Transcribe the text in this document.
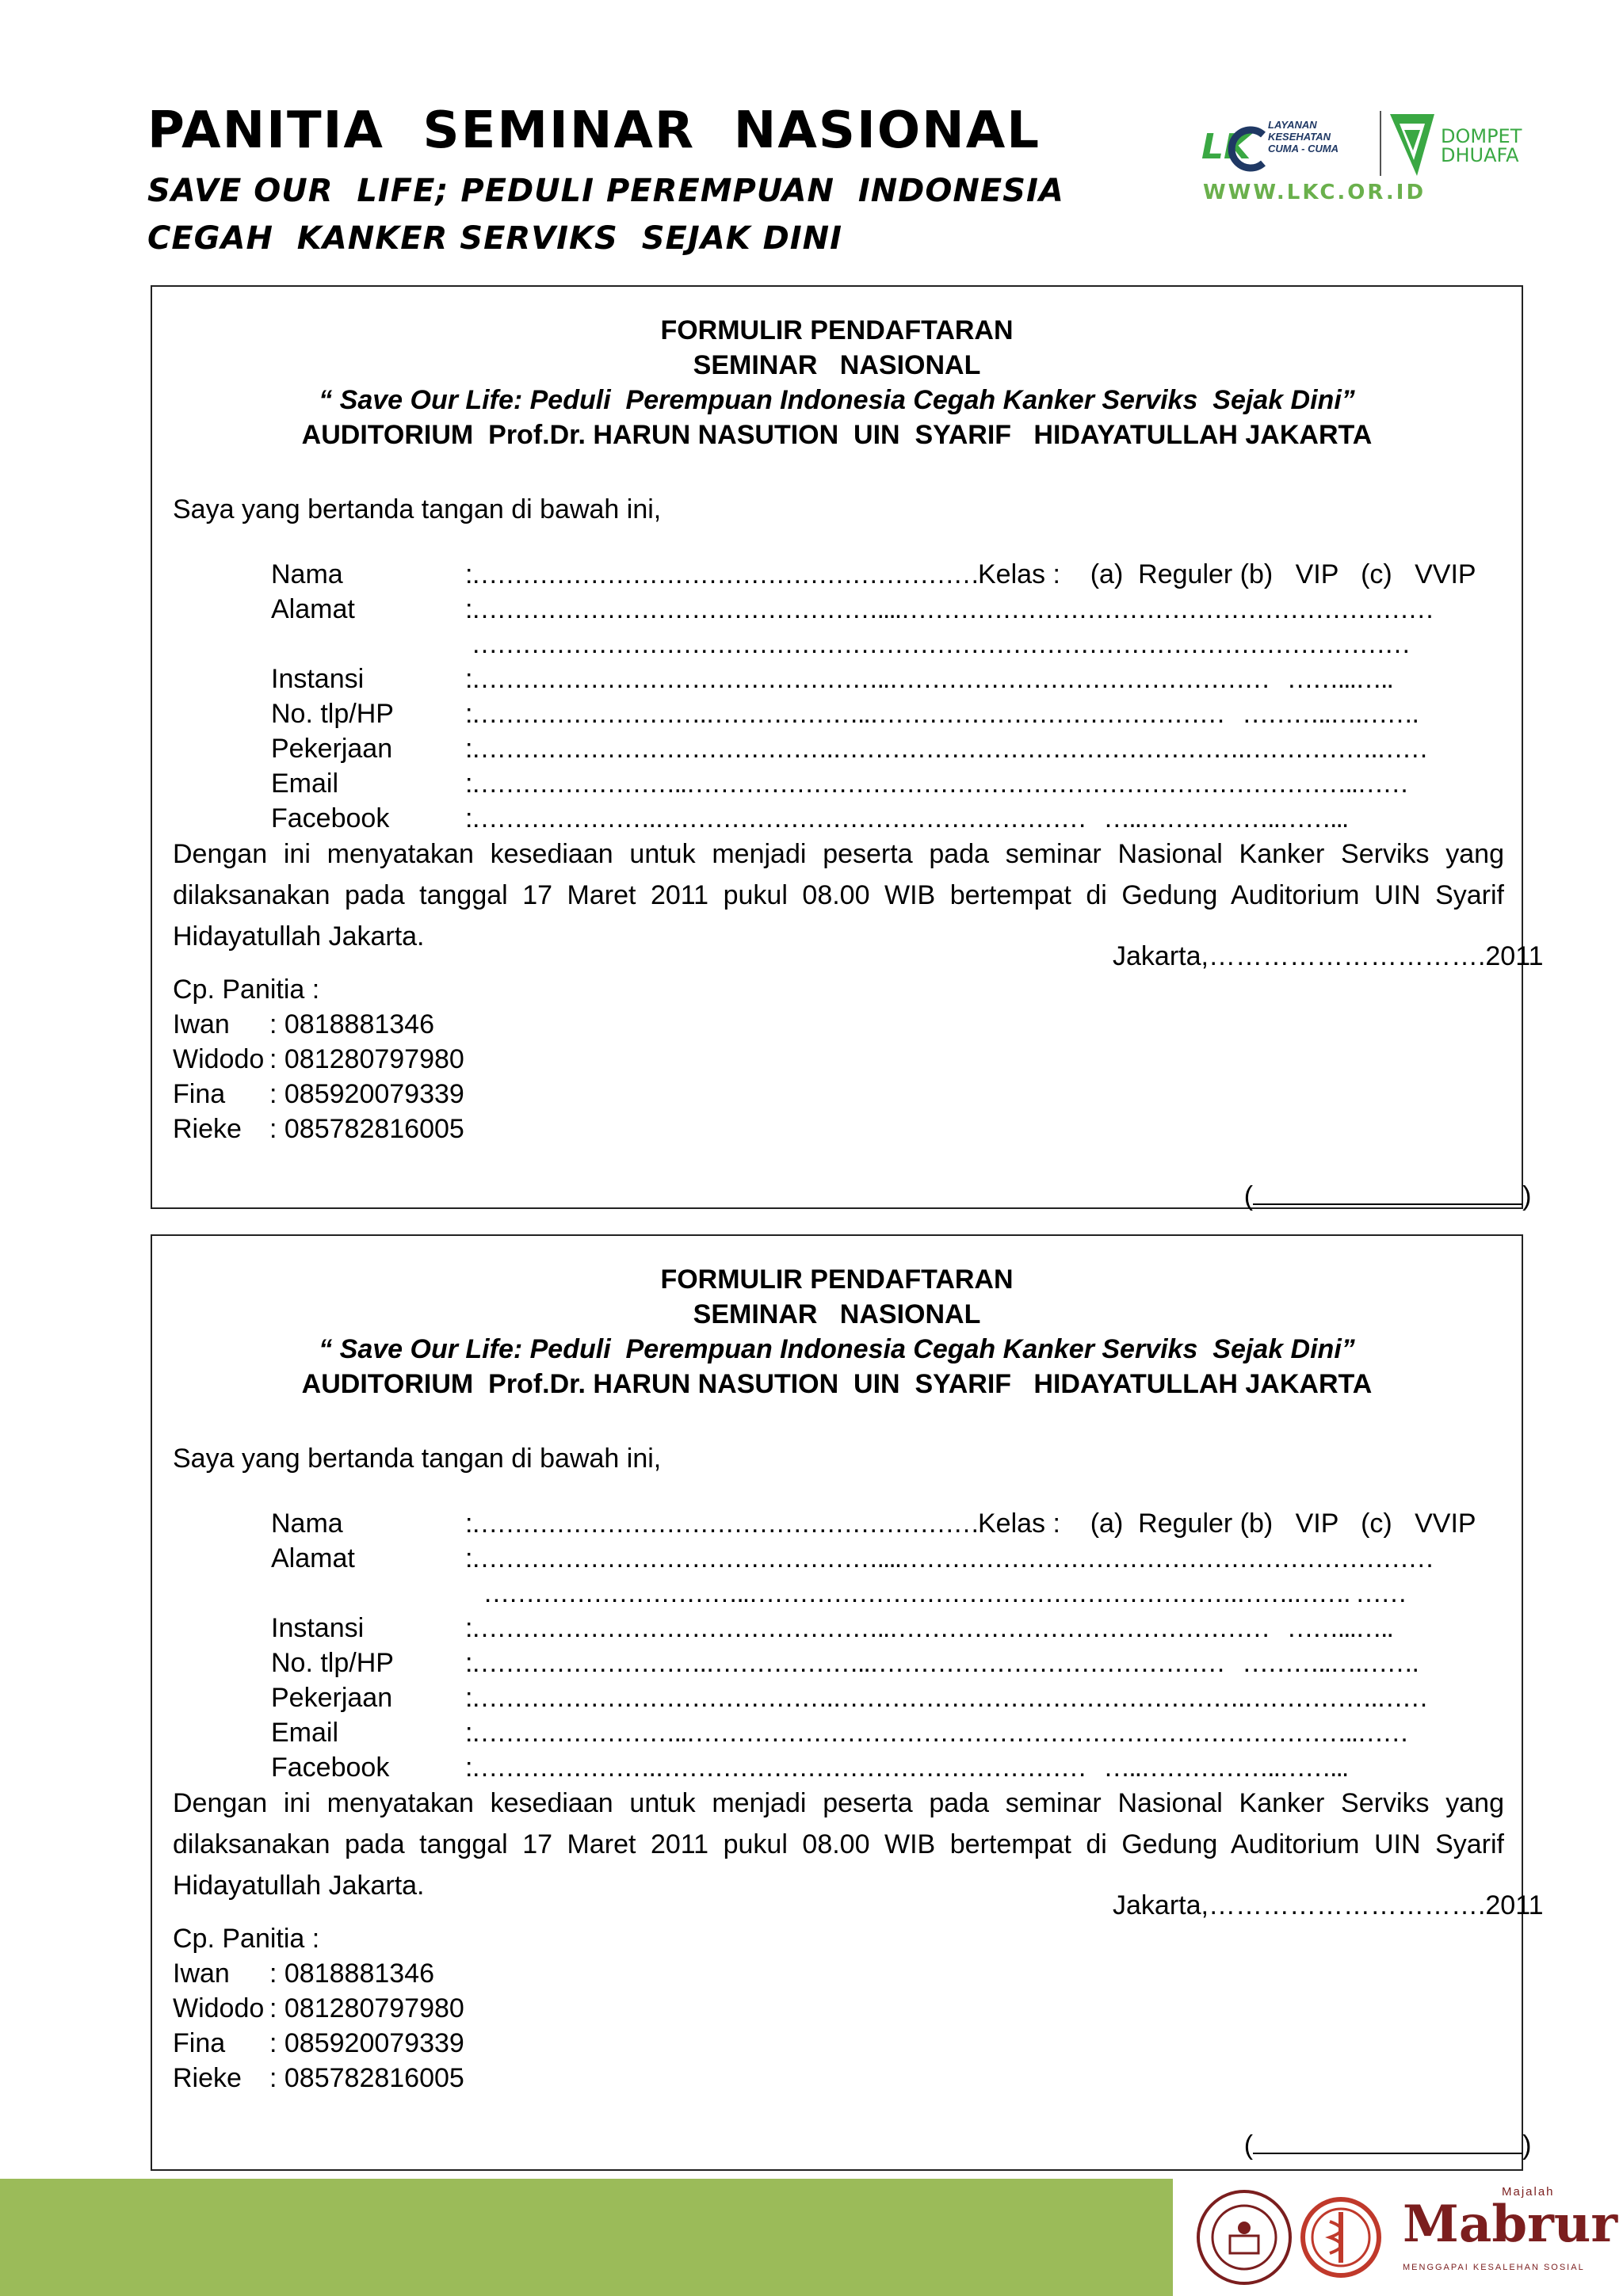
PANITIA  SEMINAR  NASIONAL
SAVE OUR  LIFE; PEDULI PEREMPUAN  INDONESIA
CEGAH  KANKER SERVIKS  SEJAK DINI
LK
LAYANAN
KESEHATAN
CUMA - CUMA
WWW.LKC.OR.ID
DOMPET
DHUAFA
FORMULIR PENDAFTARAN
SEMINAR   NASIONAL
“ Save Our Life: Peduli  Perempuan Indonesia Cegah Kanker Serviks  Sejak Dini”
AUDITORIUM  Prof.Dr. HARUN NASUTION  UIN  SYARIF   HIDAYATULLAH JAKARTA
Saya yang bertanda tangan di bawah ini,
Nama	:…………………………………………………… Kelas :    (a)  Reguler (b)   VIP   (c)   VVIP
Alamat	:…………………………………………....………………………………………………………
…………………………………………………………………………………………………
Instansi	:…………………………………………..………………………………………   ……...…..
No. tlp/HP	:……………………….………………..……………………………………   ………..….…….
Pekerjaan	:…………………………………….………………………………………….…………….……
Email	:……………………..……………………………………………………………………..……
Facebook	:………………….……………………………………………   …..……………..……...
Dengan ini menyatakan kesediaan untuk menjadi peserta pada seminar Nasional Kanker Serviks yang dilaksanakan pada tanggal 17 Maret 2011 pukul 08.00 WIB bertempat di Gedung Auditorium UIN Syarif Hidayatullah Jakarta.
Jakarta,………………………….2011
Cp. Panitia :
Iwan : 0818881346
Widodo : 081280797980
Fina : 085920079339
Rieke : 085782816005

(	)

FORMULIR PENDAFTARAN
SEMINAR   NASIONAL
“ Save Our Life: Peduli  Perempuan Indonesia Cegah Kanker Serviks  Sejak Dini”
AUDITORIUM  Prof.Dr. HARUN NASUTION  UIN  SYARIF   HIDAYATULLAH JAKARTA
Saya yang bertanda tangan di bawah ini,
Nama	:…………………………………………………… Kelas :    (a)  Reguler (b)   VIP   (c)   VVIP
Alamat	:…………………………………………....………………………………………………………
…………………………..………………………………………………….…….……. ……
Instansi	:…………………………………………..………………………………………   ……...…..
No. tlp/HP	:……………………….………………..……………………………………   ………..….…….
Pekerjaan	:…………………………………….………………………………………….…………….……
Email	:……………………..……………………………………………………………………..……
Facebook	:………………….……………………………………………   …..……………..……...
Dengan ini menyatakan kesediaan untuk menjadi peserta pada seminar Nasional Kanker Serviks yang dilaksanakan pada tanggal 17 Maret 2011 pukul 08.00 WIB bertempat di Gedung Auditorium UIN Syarif Hidayatullah Jakarta.
Jakarta,………………………….2011
Cp. Panitia :
Iwan : 0818881346
Widodo : 081280797980
Fina : 085920079339
Rieke : 085782816005

(	)

Majalah
Mabrur
MENGGAPAI KESALEHAN SOSIAL
